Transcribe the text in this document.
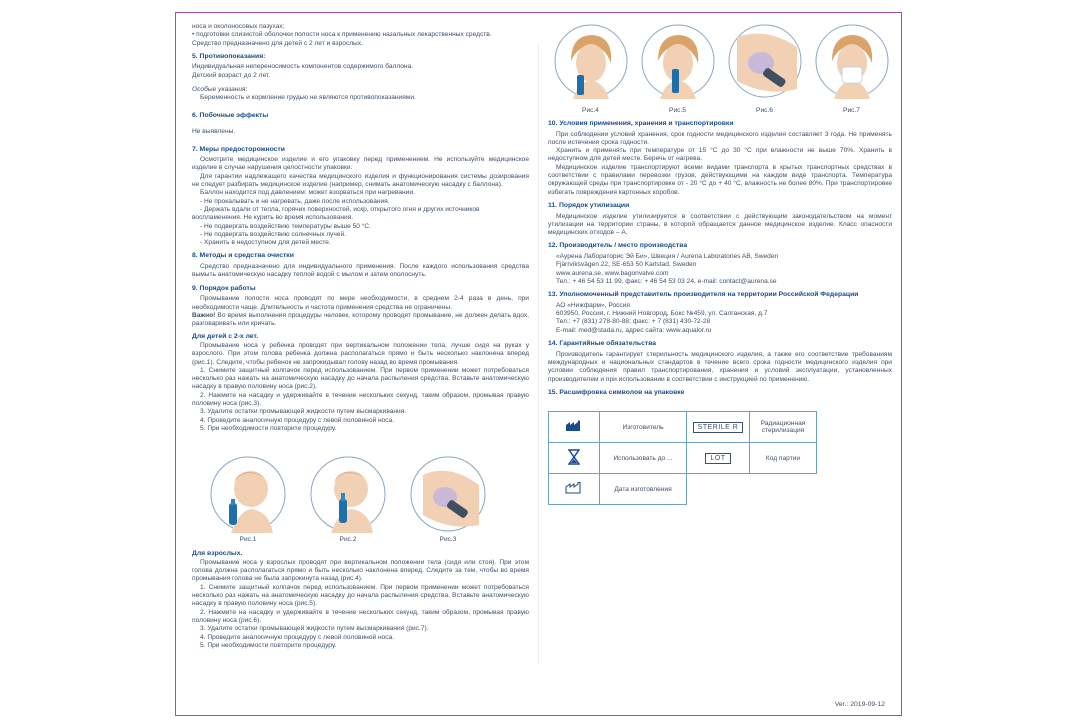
носа и околоносовых пазухах;
• подготовки слизистой оболочки полости носа к применению назальных лекарственных средств.
Средство предназначено для детей с 2 лет и взрослых.
5. Противопоказания:
Индивидуальная непереносимость компонентов содержимого баллона.
Детский возраст до 2 лет.
Особые указания:
Беременность и кормление грудью не являются противопоказаниями.
6. Побочные эффекты
Не выявлены.
7. Меры предосторожности
Осмотрите медицинское изделие и его упаковку перед применением. Не используйте медицинское изделие в случае нарушения целостности упаковки.
Для гарантии надлежащего качества медицинского изделия и функционирования системы дозирования не следует разбирать медицинское изделие (например, снимать анатомическую насадку с баллона).
Баллон находится под давлением: может взорваться при нагревании.
- Не прокалывать и не нагревать, даже после использования.
- Держать вдали от тепла, горячих поверхностей, искр, открытого огня и других источников воспламенения. Не курить во время использования.
- Не подвергать воздействию температуры выше 50 °C.
- Не подвергать воздействию солнечных лучей.
- Хранить в недоступном для детей месте.
8. Методы и средства очистки
Средство предназначено для индивидуального применения. После каждого использования средства вымыть анатомическую насадку теплой водой с мылом и затем ополоснуть.
9. Порядок работы
Промывание полости носа проводят по мере необходимости, в среднем 2-4 раза в день, при необходимости чаще. Длительность и частота применения средства не ограничены.
Важно! Во время выполнения процедуры человек, которому проводят промывание, не должен делать вдох, разговаривать или кричать.
Для детей с 2-х лет.
Промывание носа у ребенка проводят при вертикальном положении тела, лучше сидя на руках у взрослого. При этом голова ребенка должна располагаться прямо и быть несколько наклонена вперед (рис.1). Следите, чтобы ребенок не запрокидывал голову назад во время промывания.
1. Снимите защитный колпачок перед использованием. При первом применении может потребоваться несколько раз нажать на анатомическую насадку до начала распыления средства. Вставьте анатомическую насадку в правую половину носа (рис.2).
2. Нажмите на насадку и удерживайте в течение нескольких секунд, таким образом, промывая правую половину носа (рис.3).
3. Удалите остатки промывающей жидкости путем высмаркивания.
4. Проведите аналогичную процедуру с левой половиной носа.
5. При необходимости повторите процедуру.
Рис.1	Рис.2	Рис.3
Для взрослых.
Промывание носа у взрослых проводят при вертикальном положении тела (сидя или стоя). При этом голова должна располагаться прямо и быть несколько наклонена вперед. Следите за тем, чтобы во время промывания голова не была запрокинута назад (рис.4).
1. Снимите защитный колпачок перед использованием. При первом применении может потребоваться несколько раз нажать на анатомическую насадку до начала распыления средства. Вставьте анатомическую насадку в правую половину носа (рис.5).
2. Нажмите на насадку и удерживайте в течение нескольких секунд, таким образом, промывая правую половину носа (рис.6).
3. Удалите остатки промывающей жидкости путем высмаркивания (рис.7).
4. Проведите аналогичную процедуру с левой половиной носа.
5. При необходимости повторите процедуру.
Рис.4	Рис.5	Рис.6	Рис.7
10. Условия применения, хранения и транспортировки
При соблюдении условий хранения, срок годности медицинского изделия составляет 3 года. Не применять после истечения срока годности.
Хранить и применять при температуре от 15 °C до 30 °C при влажности не выше 70%. Хранить в недоступном для детей месте. Беречь от нагрева.
Медицинское изделие транспортируют всеми видами транспорта в крытых транспортных средствах в соответствии с правилами перевозки грузов, действующими на каждом виде транспорта. Температура окружающей среды при транспортировке от - 20 °C до + 40 °C, влажность не более 80%. При транспортировке избегать повреждения картонных коробов.
11. Порядок утилизации
Медицинское изделие утилизируется в соответствии с действующим законодательством на момент утилизации на территории страны, в которой обращается данное медицинское изделие. Класс опасности медицинских отходов – А.
12. Производитель / место производства
«Аурена Лабораторис Эй Би», Швеция / Aurena Laboratories AB, Sweden
Fjärrviksvägen 22, SE-653 50 Karlstad, Sweden
www.aurena.se, www.bagonvalve.com
Тел.: + 46 54 53 11 99, факс: + 46 54 53 03 24, e-mail: contact@aurena.se
13. Уполномоченный представитель производителя на территории Российской Федерации
АО «Нижфарм», Россия
603950, Россия, г. Нижний Новгород, Бокс №459, ул. Салганская, д.7
Тел.: +7 (831) 278-80-88; факс: + 7 (831) 430-72-28
E-mail: med@stada.ru, адрес сайта: www.aqualor.ru
14. Гарантийные обязательства
Производитель гарантирует стерильность медицинского изделия, а также его соответствие требованиям международных и национальных стандартов в течение всего срока годности медицинского изделия при условии соблюдения правил транспортирования, хранения и условий эксплуатации, установленных производителем и при использовании в соответствии с инструкцией по применению.
15. Расшифровка символов на упаковке
	Изготовитель	STERILE R	Радиационная стерилизация
	Использовать до ...	LOT	Код партии
	Дата изготовления		
Ver.: 2019-09-12
